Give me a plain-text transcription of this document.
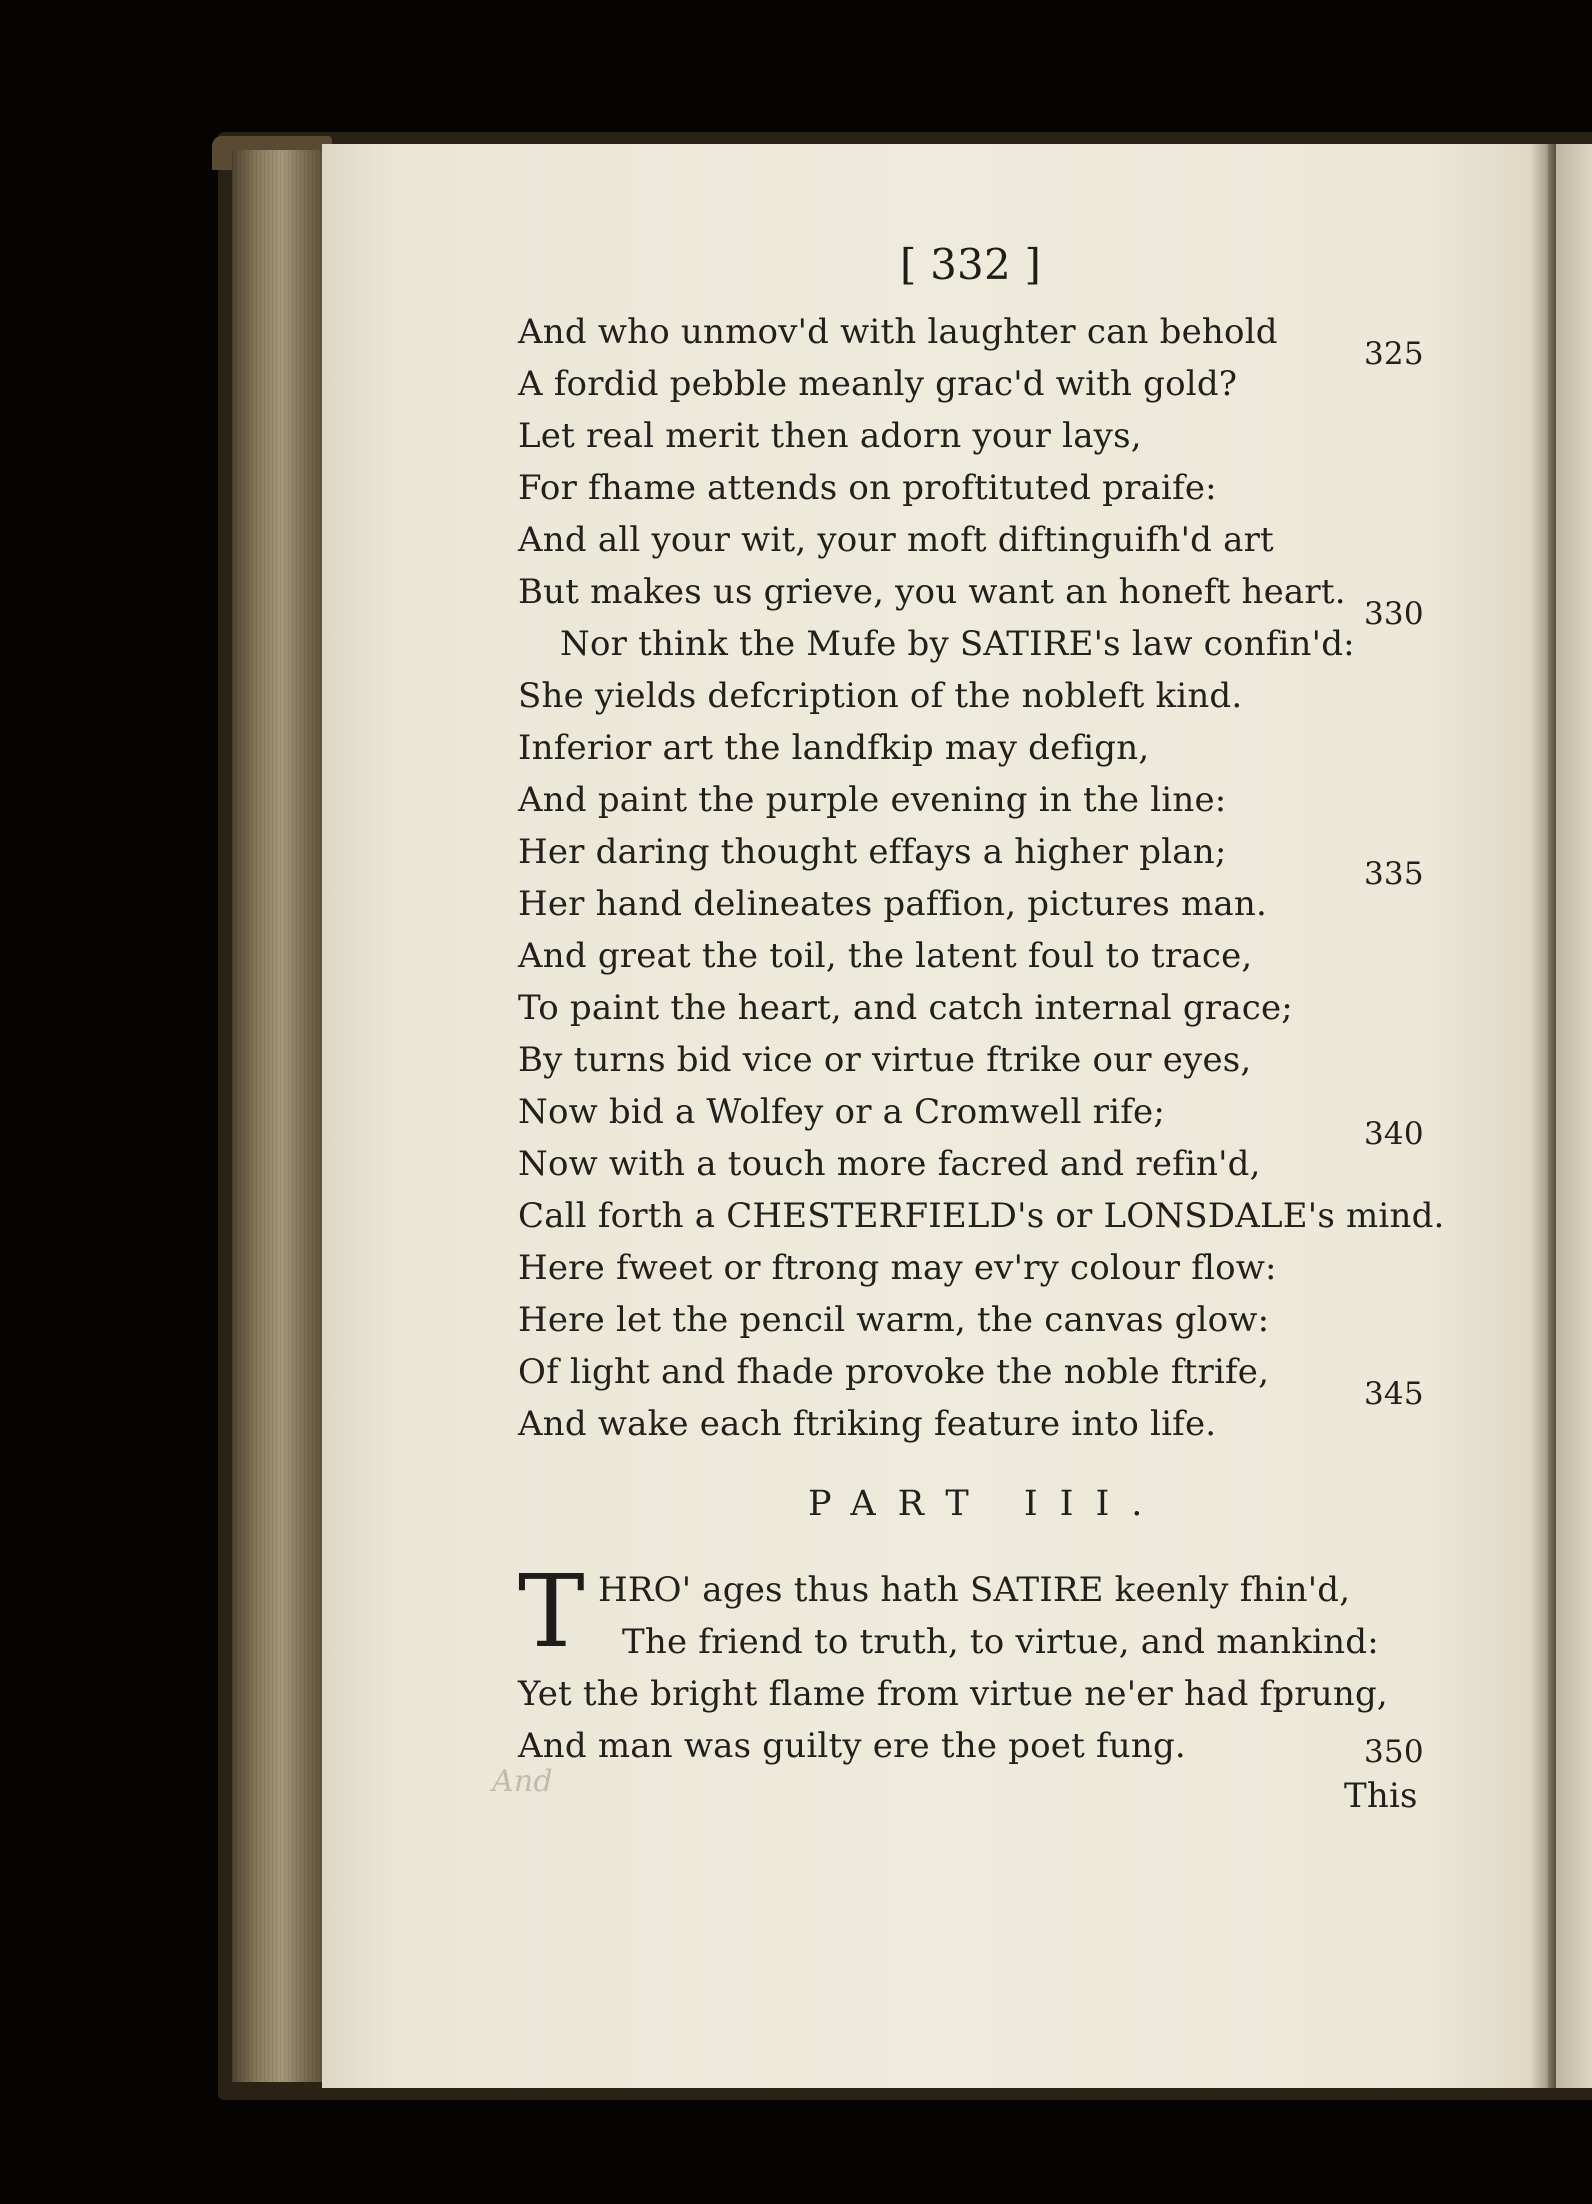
[ 332 ]
And who unmov'd with laughter can behold
A fordid pebble meanly grac'd with gold?
Let real merit then adorn your lays,
For fhame attends on proftituted praife:
And all your wit, your moft diftinguifh'd art
But makes us grieve, you want an honeft heart.
Nor think the Mufe by SATIRE's law confin'd:
She yields defcription of the nobleft kind.
Inferior art the landfkip may defign,
And paint the purple evening in the line:
Her daring thought effays a higher plan;
Her hand delineates paffion, pictures man.
And great the toil, the latent foul to trace,
To paint the heart, and catch internal grace;
By turns bid vice or virtue ftrike our eyes,
Now bid a Wolfey or a Cromwell rife;
Now with a touch more facred and refin'd,
Call forth a CHESTERFIELD's or LONSDALE's mind.
Here fweet or ftrong may ev'ry colour flow:
Here let the pencil warm, the canvas glow:
Of light and fhade provoke the noble ftrife,
And wake each ftriking feature into life.
325
330
335
340
345
PART III.
T HRO' ages thus hath SATIRE keenly fhin'd,
The friend to truth, to virtue, and mankind:
Yet the bright flame from virtue ne'er had fprung,
And man was guilty ere the poet fung.	350
This
And
